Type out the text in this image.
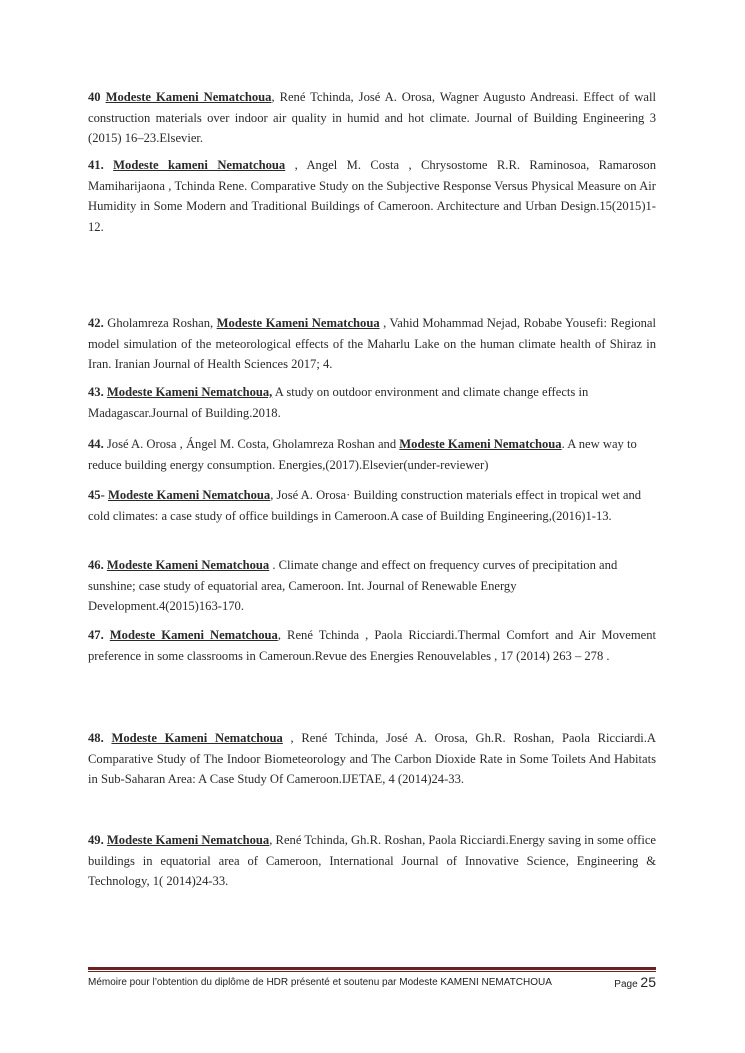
40 Modeste Kameni Nematchoua, René Tchinda, José A. Orosa, Wagner Augusto Andreasi. Effect of wall construction materials over indoor air quality in humid and hot climate. Journal of Building Engineering 3 (2015) 16–23.Elsevier.
41. Modeste kameni Nematchoua , Angel M. Costa , Chrysostome R.R. Raminosoa, Ramaroson Mamiharijaona , Tchinda Rene. Comparative Study on the Subjective Response Versus Physical Measure on Air Humidity in Some Modern and Traditional Buildings of Cameroon. Architecture and Urban Design.15(2015)1-12.
42. Gholamreza Roshan, Modeste Kameni Nematchoua , Vahid Mohammad Nejad, Robabe Yousefi: Regional model simulation of the meteorological effects of the Maharlu Lake on the human climate health of Shiraz in Iran. Iranian Journal of Health Sciences 2017; 4.
43. Modeste Kameni Nematchoua, A study on outdoor environment and climate change effects in Madagascar.Journal of Building.2018.
44. José A. Orosa , Ángel M. Costa, Gholamreza Roshan and Modeste Kameni Nematchoua. A new way to reduce building energy consumption. Energies,(2017).Elsevier(under-reviewer)
45- Modeste Kameni Nematchoua, José A. Orosa· Building construction materials effect in tropical wet and cold climates: a case study of office buildings in Cameroon.A case of Building Engineering,(2016)1-13.
46. Modeste Kameni Nematchoua . Climate change and effect on frequency curves of precipitation and sunshine; case study of equatorial area, Cameroon. Int. Journal of Renewable Energy Development.4(2015)163-170.
47. Modeste Kameni Nematchoua, René Tchinda , Paola Ricciardi.Thermal Comfort and Air Movement preference in some classrooms in Cameroun.Revue des Energies Renouvelables , 17 (2014) 263 – 278 .
48. Modeste Kameni Nematchoua , René Tchinda, José A. Orosa, Gh.R. Roshan, Paola Ricciardi.A Comparative Study of The Indoor Biometeorology and The Carbon Dioxide Rate in Some Toilets And Habitats in Sub-Saharan Area: A Case Study Of Cameroon.IJETAE, 4 (2014)24-33.
49. Modeste Kameni Nematchoua, René Tchinda, Gh.R. Roshan, Paola Ricciardi.Energy saving in some office buildings in equatorial area of Cameroon, International Journal of Innovative Science, Engineering & Technology, 1( 2014)24-33.
Mémoire pour l’obtention du diplôme de HDR présenté et soutenu par Modeste KAMENI NEMATCHOUA	Page 25
